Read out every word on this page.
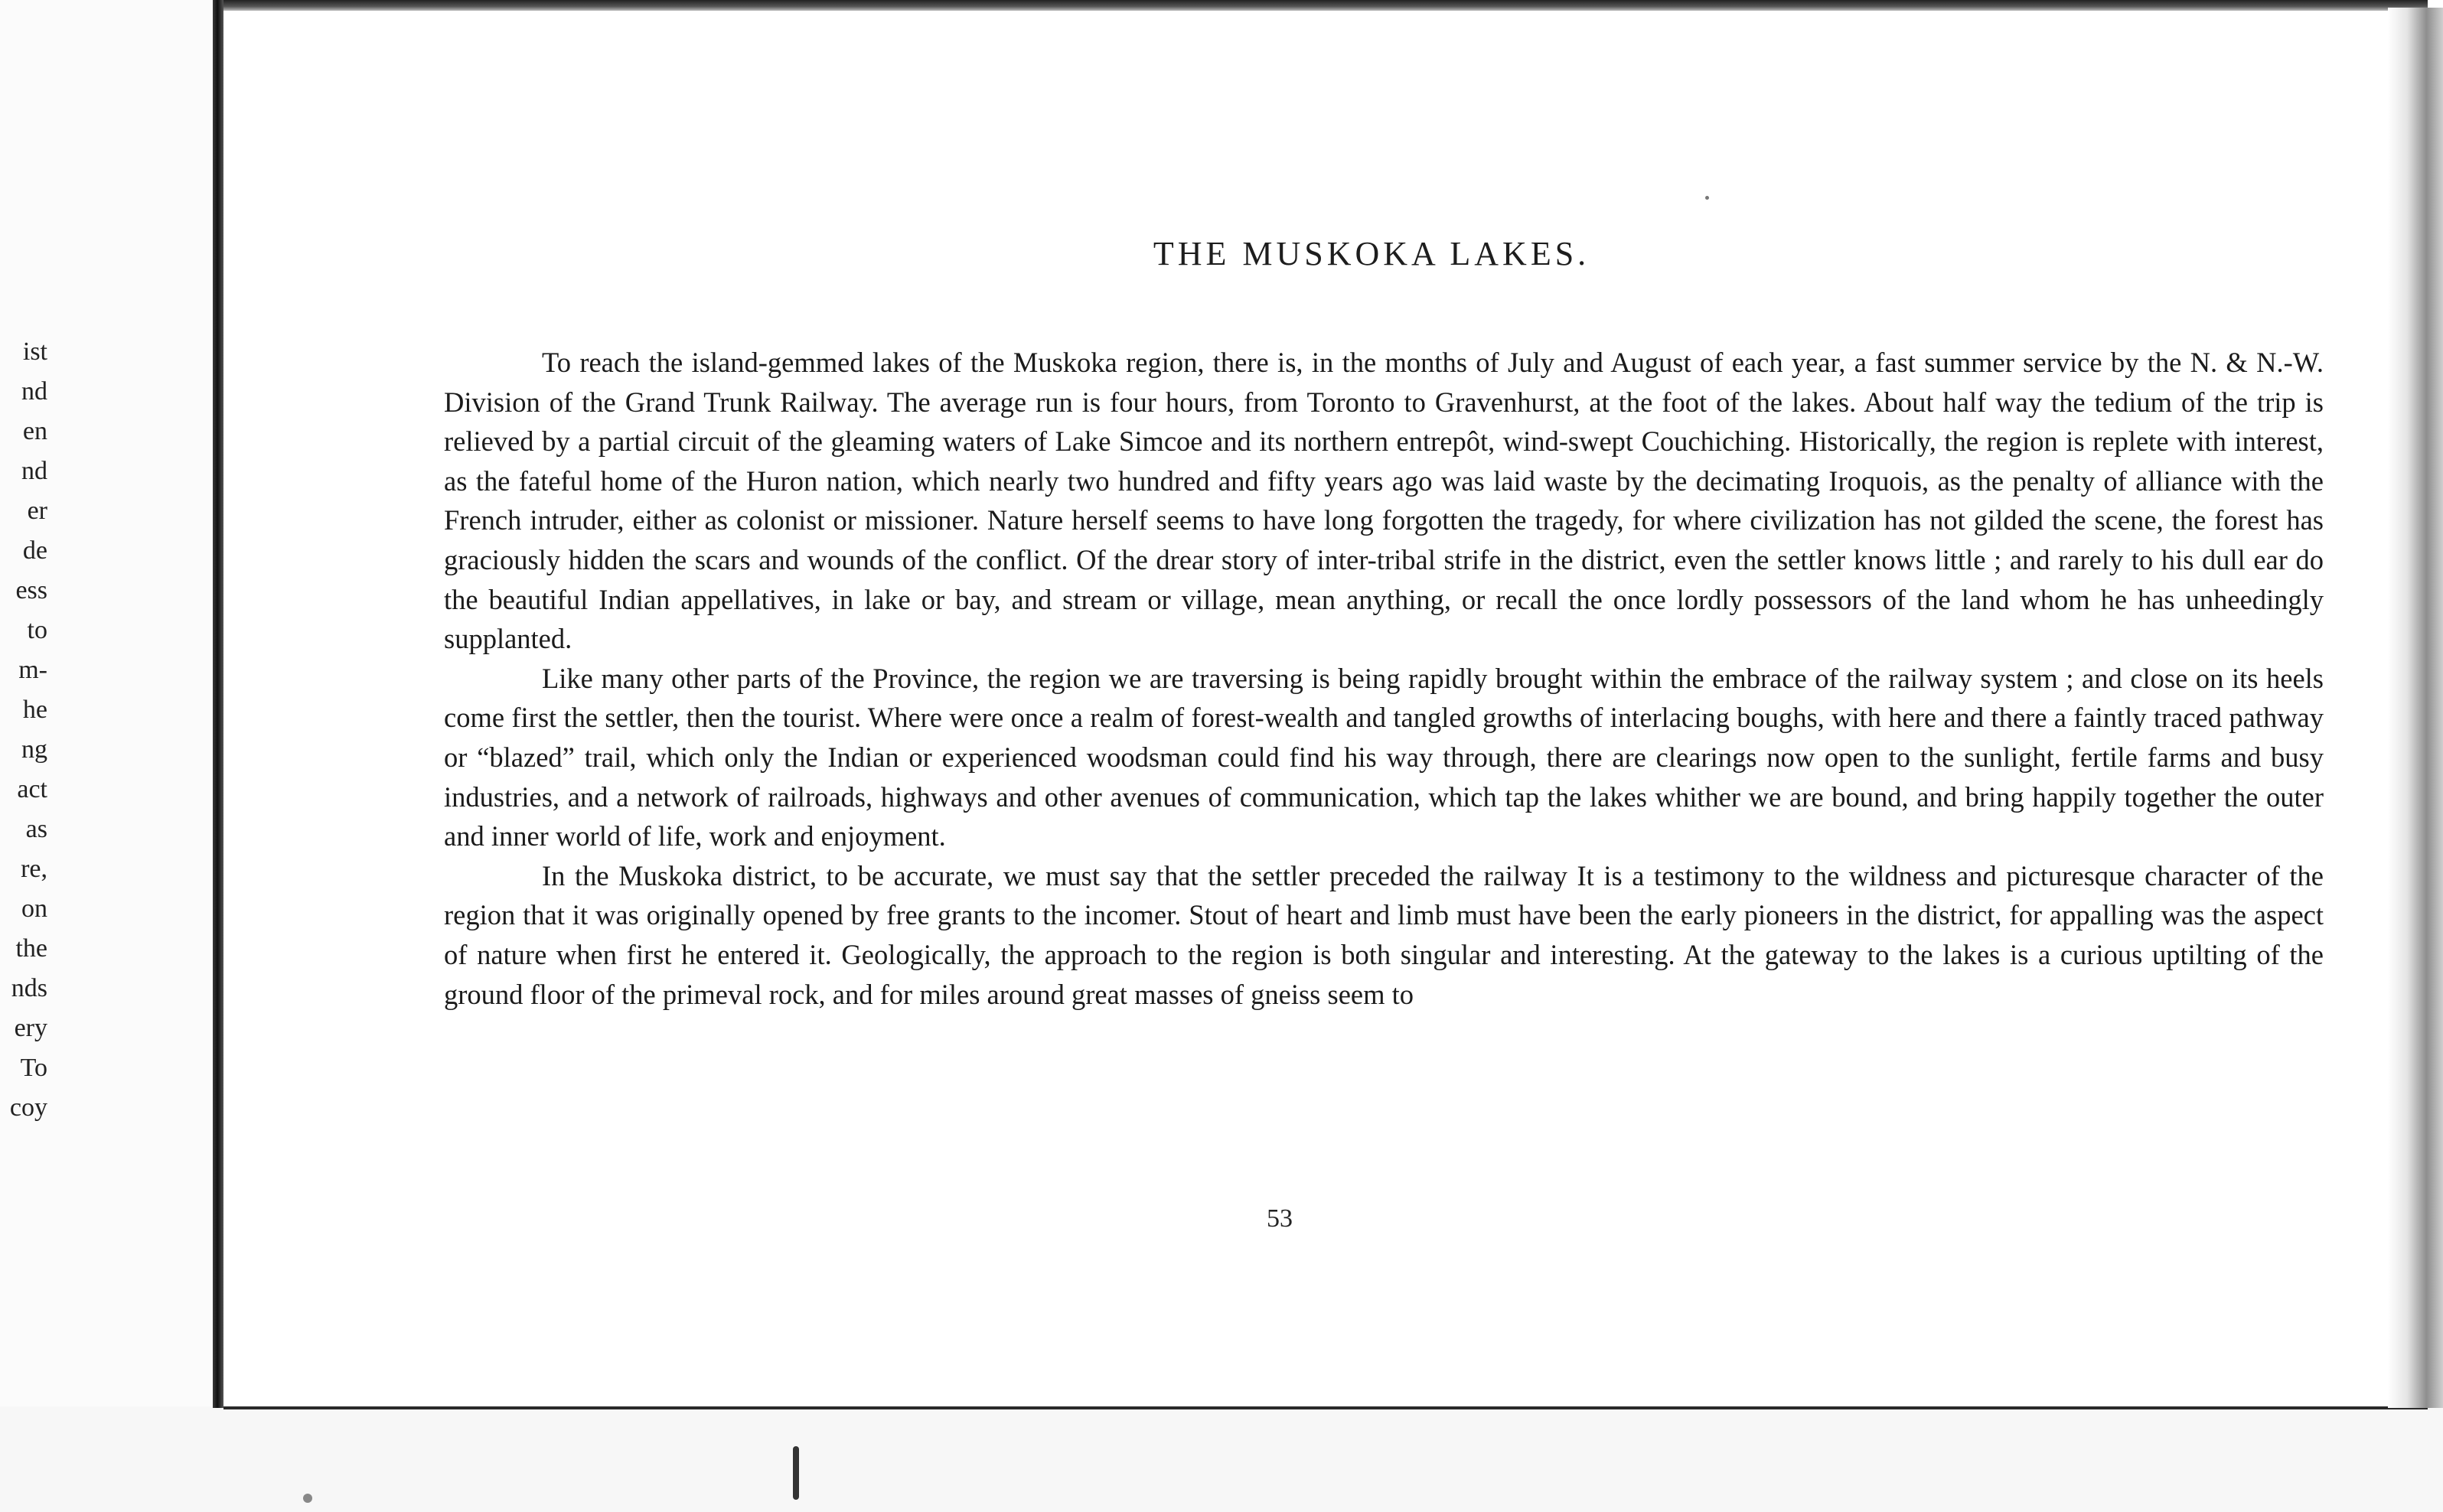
ist
nd
en
nd
er
de
ess
to
m-
he
ng
act
as
re,
on
the
nds
ery
To
coy
THE MUSKOKA LAKES.

To reach the island-gemmed lakes of the Muskoka region, there is, in the months of July and August of each year, a fast summer service by the N. & N.-W. Division of the Grand Trunk Railway. The average run is four hours, from Toronto to Gravenhurst, at the foot of the lakes. About half way the tedium of the trip is relieved by a partial circuit of the gleaming waters of Lake Simcoe and its northern entrepôt, wind-swept Couchiching. Historically, the region is replete with interest, as the fateful home of the Huron nation, which nearly two hundred and fifty years ago was laid waste by the decimating Iroquois, as the penalty of alliance with the French intruder, either as colonist or missioner. Nature herself seems to have long forgotten the tragedy, for where civilization has not gilded the scene, the forest has graciously hidden the scars and wounds of the conflict. Of the drear story of inter-tribal strife in the district, even the settler knows little ; and rarely to his dull ear do the beautiful Indian appellatives, in lake or bay, and stream or village, mean anything, or recall the once lordly possessors of the land whom he has unheedingly supplanted.

Like many other parts of the Province, the region we are traversing is being rapidly brought within the embrace of the railway system ; and close on its heels come first the settler, then the tourist. Where were once a realm of forest-wealth and tangled growths of interlacing boughs, with here and there a faintly traced pathway or “blazed” trail, which only the Indian or experienced woodsman could find his way through, there are clearings now open to the sunlight, fertile farms and busy industries, and a network of railroads, highways and other avenues of communication, which tap the lakes whither we are bound, and bring happily together the outer and inner world of life, work and enjoyment.

In the Muskoka district, to be accurate, we must say that the settler preceded the railway It is a testimony to the wildness and picturesque character of the region that it was originally opened by free grants to the incomer. Stout of heart and limb must have been the early pioneers in the district, for appalling was the aspect of nature when first he entered it. Geologically, the approach to the region is both singular and interesting. At the gateway to the lakes is a curious uptilting of the ground floor of the primeval rock, and for miles around great masses of gneiss seem to

53
